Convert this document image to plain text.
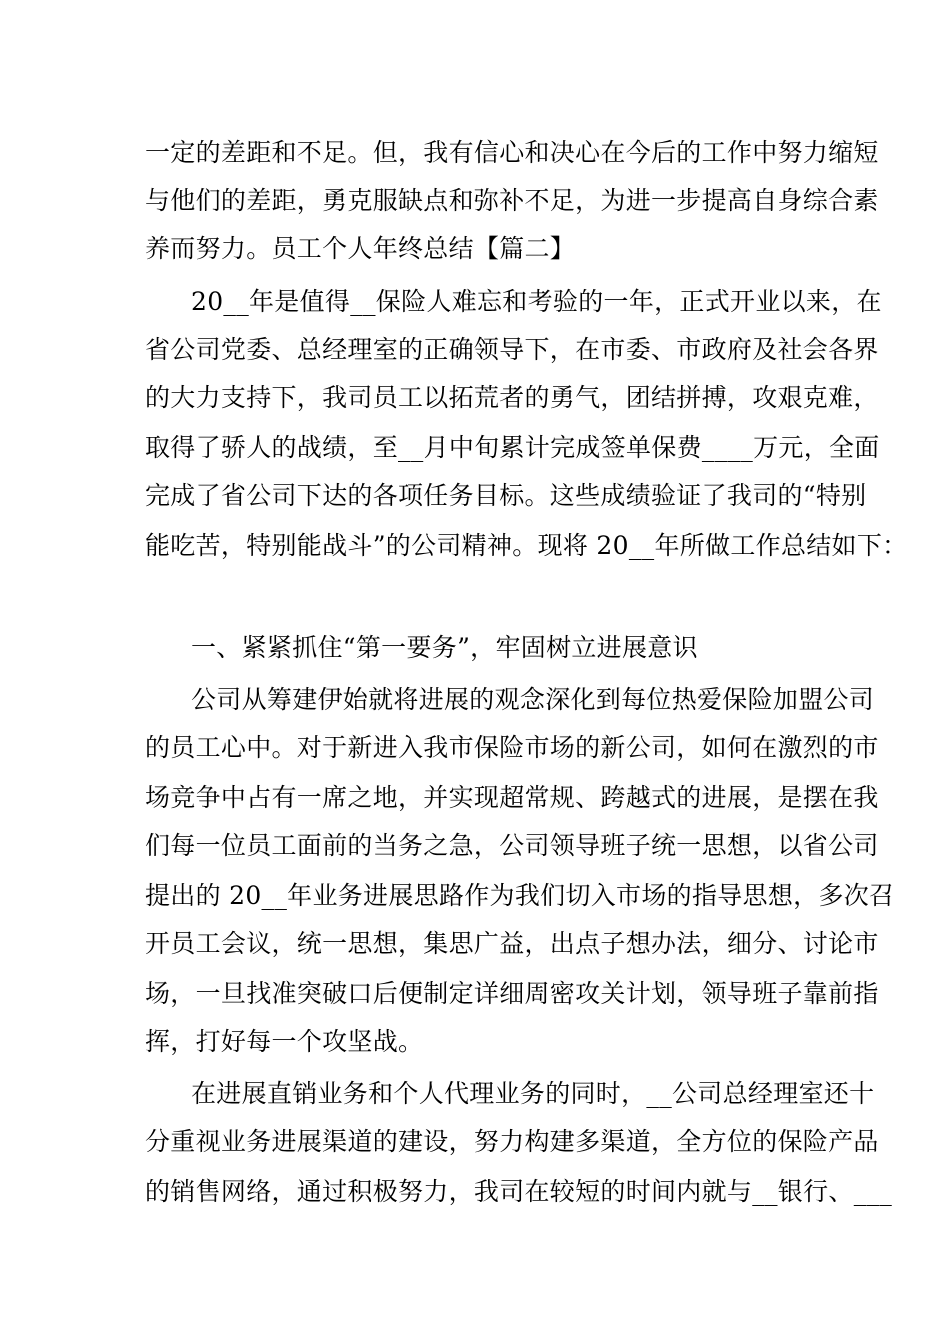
一定的差距和不足。但，我有信心和决心在今后的工作中努力缩短
与他们的差距，勇克服缺点和弥补不足，为进一步提高自身综合素
养而努力。员工个人年终总结【篇二】
20__年是值得__保险人难忘和考验的一年，正式开业以来，在
省公司党委、总经理室的正确领导下，在市委、市政府及社会各界
的大力支持下，我司员工以拓荒者的勇气，团结拼搏，攻艰克难，
取得了骄人的战绩，至__月中旬累计完成签单保费____万元，全面
完成了省公司下达的各项任务目标。这些成绩验证了我司的“特别
能吃苦，特别能战斗”的公司精神。现将 20__年所做工作总结如下：
一、紧紧抓住“第一要务”，牢固树立进展意识
公司从筹建伊始就将进展的观念深化到每位热爱保险加盟公司
的员工心中。对于新进入我市保险市场的新公司，如何在激烈的市
场竞争中占有一席之地，并实现超常规、跨越式的进展，是摆在我
们每一位员工面前的当务之急，公司领导班子统一思想，以省公司
提出的 20__年业务进展思路作为我们切入市场的指导思想，多次召
开员工会议，统一思想，集思广益，出点子想办法，细分、讨论市
场，一旦找准突破口后便制定详细周密攻关计划，领导班子靠前指
挥，打好每一个攻坚战。
在进展直销业务和个人代理业务的同时，__公司总经理室还十
分重视业务进展渠道的建设，努力构建多渠道，全方位的保险产品
的销售网络，通过积极努力，我司在较短的时间内就与__银行、___
